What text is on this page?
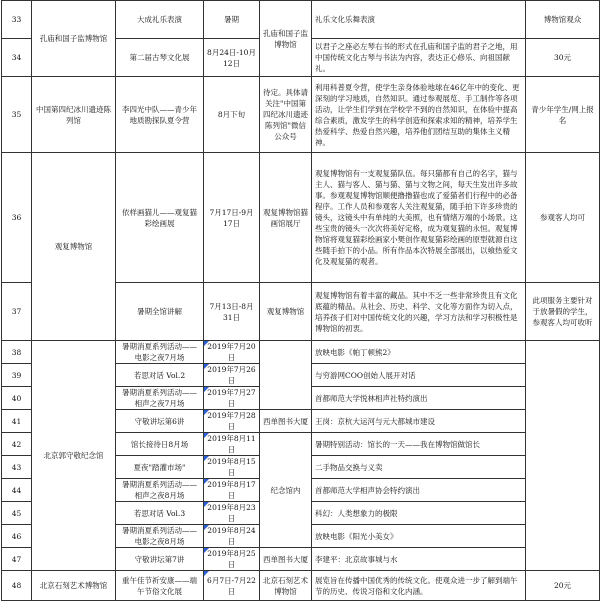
33	孔庙和国子监博物馆	大成礼乐表演	暑期	孔庙和国子监博物馆	礼乐文化乐舞表演	博物馆观众
34		第二届古琴文化展	8月24日-10月12日		以君子之座必左琴右书的形式在孔庙和国子监的君子之地，用中国传统文化古琴与书法为内容，表达正心修乐、向祖国献礼。	30元
35	中国第四纪冰川遗迹陈列馆	李四光中队——青少年地质勘探队夏令营	8月下旬	待定。具体请关注"中国第四纪冰川遗迹陈列馆"微信公众号	利用科普夏令营，使学生亲身体验地球在46亿年中的变化、更深刻的学习地质，自然知识。通过参观展览、手工制作等各项活动，让学生们学到在学校学不到的自然知识，在体验中提高综合素质，激发学生的科学创造和探索求知的精神，培养学生热爱科学、热爱自然兴趣，培养他们团结互助的集体主义精神。	青少年学生/网上报名
36	观复博物馆	依样画猫儿——观复猫彩绘画展	7月17日-9月17日	观复博物馆猫画馆展厅	观复博物馆有一支观复猫队伍。每只猫都有自己的名字，猫与主人、猫与客人、猫与猫、猫与文物之间，每天生发出许多故事。参观观复博物馆顺便撸撸猫也成了爱猫者们行程中的必备程序。工作人员和参观客人关注观复猫，随手拍下许多珍贵的镜头，这镜头中有单纯的大美照，也有情绪万端的小场景。这些宝贵的镜头一次次将美好定格，成为观复猫的永恒。观复博物馆将观复猫彩绘画家小樊创作观复猫彩绘画的原型就源自这些随手拍下的小品。所有作品本次特展全部展出，以飨热爱文化及观复猫的观者。	参观客人均可
37		暑期全馆讲解	7月13日-8月31日	观复博物馆	观复博物馆有着丰富的藏品。其中不乏一些非常珍贵且有文化底蕴的精品。从社会、历史、科学、文化等方面作为切入点，培养孩子们对中国传统文化的兴趣，学习方法和学习积极性是博物馆的初衷。	此项服务主要针对于放暑假的学生，参观客人均可收听
38	北京郭守敬纪念馆	暑期消夏系列活动——电影之夜7月场	2019年7月20日		放映电影《帕丁顿熊2》	
39		若思对话 Vol.2	2019年7月26日		与穷游网COO创始人展开对话	
40		暑期消夏系列活动——相声之夜7月场	2019年7月27日		首都师范大学悦林相声社特约演出	
41		守敬讲坛第6讲	2019年7月28日	西单图书大厦	王岗：京杭大运河与元大都城市建设	
42		馆长接待日8月场	2019年8月11日	纪念馆内	暑期特别活动：馆长的一天——我在博物馆做馆长	
43		夏夜"踏灌市场"	2019年8月15日		二手物品交换与义卖	
44		暑期消夏系列活动——相声之夜8月场	2019年8月17日		首都师范大学相声协会特约演出	
45		若思对话 Vol.3	2019年8月23日		科幻：人类想象力的极限	
46		暑期消夏系列活动——电影之夜8月场	2019年8月24日		放映电影《阳光小美女》	
47		守敬讲坛第7讲	2019年8月25日	西单图书大厦	李建平：北京故事城与水	
48	北京石刻艺术博物馆	重午佳节祈安康——端午节俗文化展	6月7日-7月22日	北京石刻艺术博物馆	展览旨在传播中国优秀的传统文化。使观众进一步了解到端午节的历史、传说习俗和文化内涵。	20元
